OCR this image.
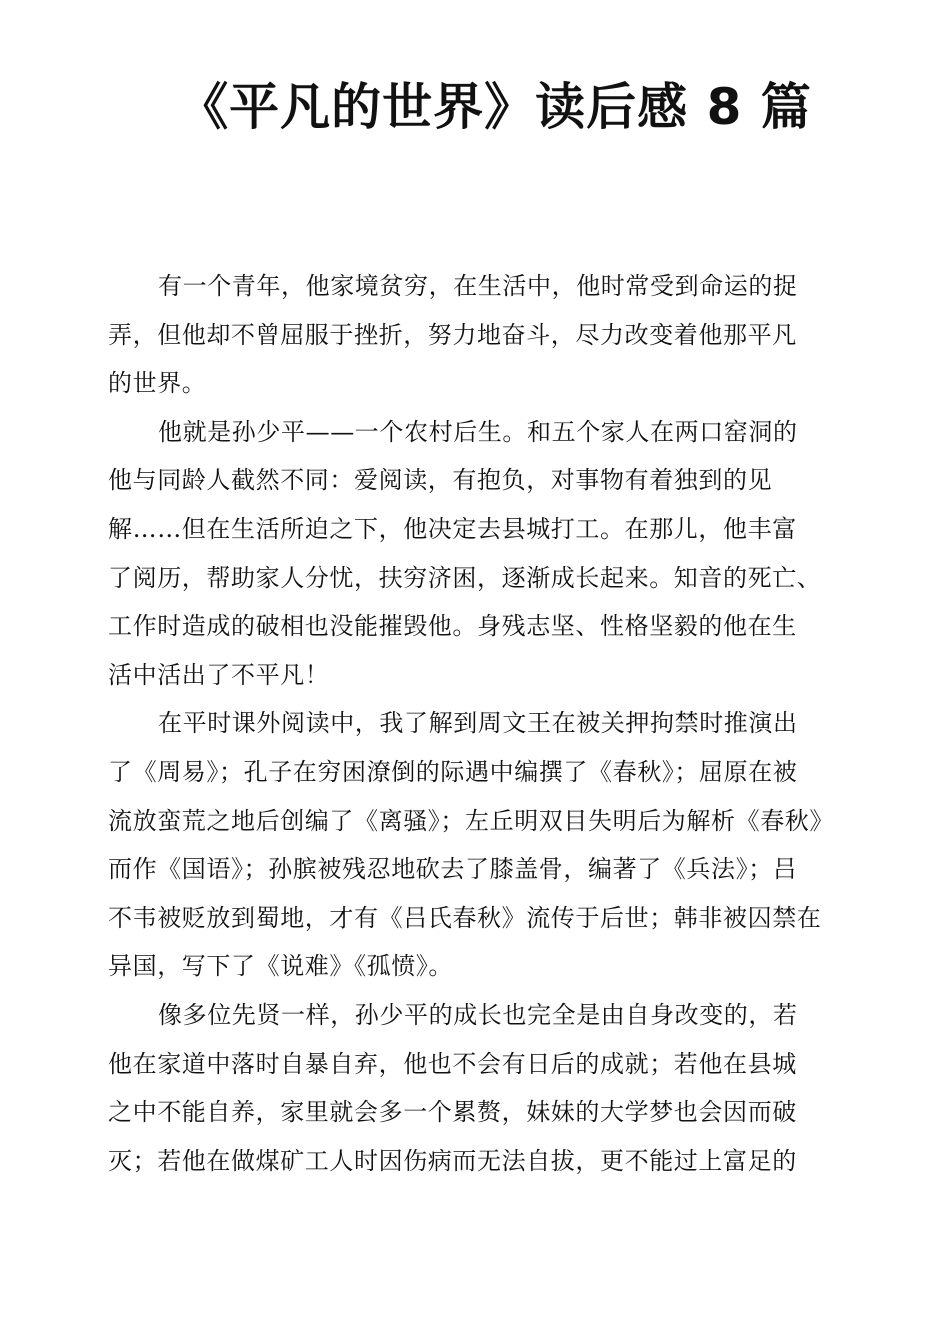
《平凡的世界》读后感 8 篇

有一个青年，他家境贫穷，在生活中，他时常受到命运的捉
弄，但他却不曾屈服于挫折，努力地奋斗，尽力改变着他那平凡
的世界。

他就是孙少平——一个农村后生。和五个家人在两口窑洞的
他与同龄人截然不同：爱阅读，有抱负，对事物有着独到的见
解……但在生活所迫之下，他决定去县城打工。在那儿，他丰富
了阅历，帮助家人分忧，扶穷济困，逐渐成长起来。知音的死亡、
工作时造成的破相也没能摧毁他。身残志坚、性格坚毅的他在生
活中活出了不平凡！

在平时课外阅读中，我了解到周文王在被关押拘禁时推演出
了《周易》；孔子在穷困潦倒的际遇中编撰了《春秋》；屈原在被
流放蛮荒之地后创编了《离骚》；左丘明双目失明后为解析《春秋》
而作《国语》；孙膑被残忍地砍去了膝盖骨，编著了《兵法》；吕
不韦被贬放到蜀地，才有《吕氏春秋》流传于后世；韩非被囚禁在
异国，写下了《说难》《孤愤》。

像多位先贤一样，孙少平的成长也完全是由自身改变的，若
他在家道中落时自暴自弃，他也不会有日后的成就；若他在县城
之中不能自养，家里就会多一个累赘，妹妹的大学梦也会因而破
灭；若他在做煤矿工人时因伤病而无法自拔，更不能过上富足的
